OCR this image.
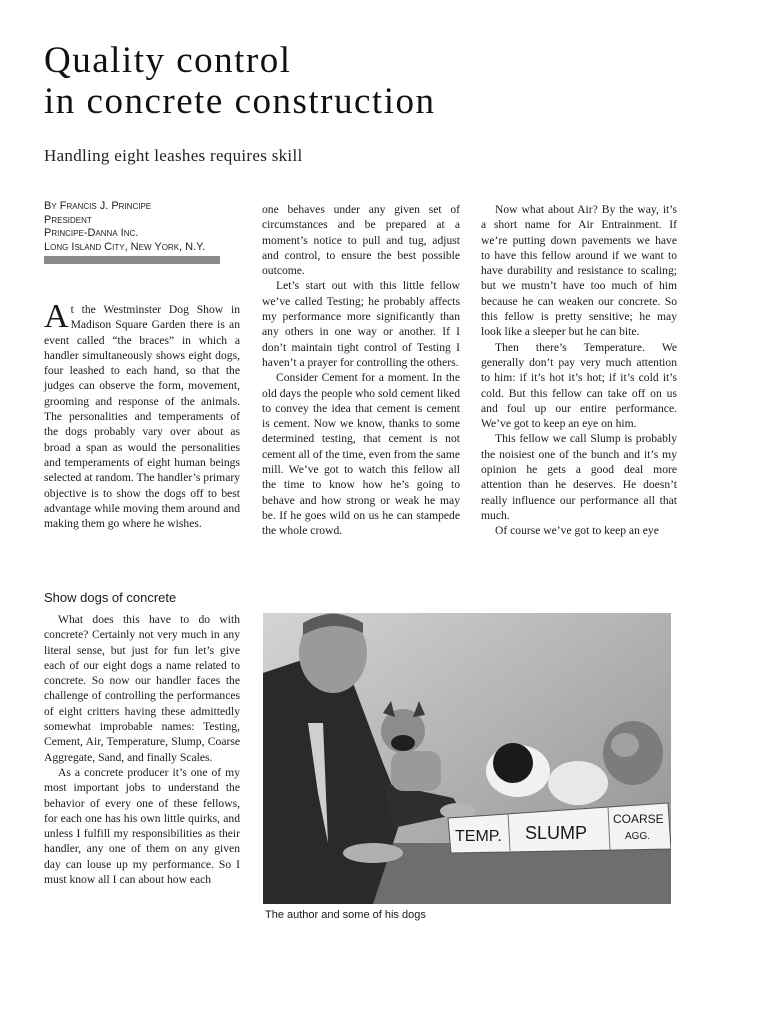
Quality control
in concrete construction
Handling eight leashes requires skill
By Francis J. Principe
President
Principe-Danna Inc.
Long Island City, New York, N.Y.

At the Westminster Dog Show in Madison Square Garden there is an event called “the braces” in which a handler simultaneously shows eight dogs, four leashed to each hand, so that the judges can observe the form, movement, grooming and response of the animals. The personalities and temperaments of the dogs probably vary over about as broad a span as would the personalities and temperaments of eight human beings selected at random. The handler’s primary objective is to show the dogs off to best advantage while moving them around and making them go where he wishes.

Show dogs of concrete

What does this have to do with concrete? Certainly not very much in any literal sense, but just for fun let’s give each of our eight dogs a name related to concrete. So now our handler faces the challenge of controlling the performances of eight critters having these admittedly somewhat improbable names: Testing, Cement, Air, Temperature, Slump, Coarse Aggregate, Sand, and finally Scales.

As a concrete producer it’s one of my most important jobs to understand the behavior of every one of these fellows, for each one has his own little quirks, and unless I fulfill my responsibilities as their handler, any one of them on any given day can louse up my performance. So I must know all I can about how each

one behaves under any given set of circumstances and be prepared at a moment’s notice to pull and tug, adjust and control, to ensure the best possible outcome.

Let’s start out with this little fellow we’ve called Testing; he probably affects my performance more significantly than any others in one way or another. If I don’t maintain tight control of Testing I haven’t a prayer for controlling the others.

Consider Cement for a moment. In the old days the people who sold cement liked to convey the idea that cement is cement is cement. Now we know, thanks to some determined testing, that cement is not cement all of the time, even from the same mill. We’ve got to watch this fellow all the time to know how he’s going to behave and how strong or weak he may be. If he goes wild on us he can stampede the whole crowd.

Now what about Air? By the way, it’s a short name for Air Entrainment. If we’re putting down pavements we have to have this fellow around if we want to have durability and resistance to scaling; but we mustn’t have too much of him because he can weaken our concrete. So this fellow is pretty sensitive; he may look like a sleeper but he can bite.

Then there’s Temperature. We generally don’t pay very much attention to him: if it’s hot it’s hot; if it’s cold it’s cold. But this fellow can take off on us and foul up our entire performance. We’ve got to keep an eye on him.

This fellow we call Slump is probably the noisiest one of the bunch and it’s my opinion he gets a good deal more attention than he deserves. He doesn’t really influence our performance all that much.

Of course we’ve got to keep an eye

TEMP. SLUMP
COARSE
AGG.

The author and some of his dogs
